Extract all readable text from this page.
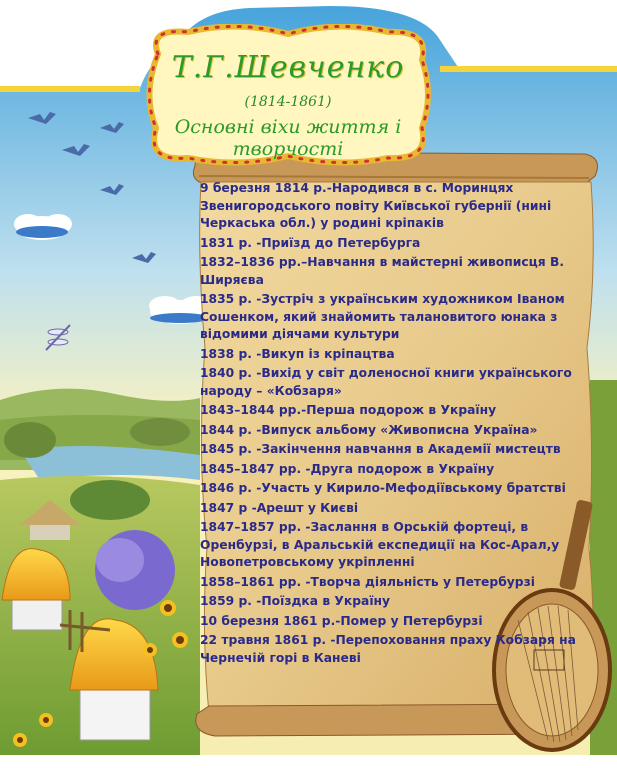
Т.Г.Шевченко
(1814-1861)
Основні віхи життя і творчості
9 березня 1814 р.-Народився в с. Моринцях Звенигородського повіту Київської губернії (нині Черкаська обл.) у родині кріпаків
1831 р. -Приїзд до Петербурга
1832–1836 рр.–Навчання в майстерні живописця В. Ширяєва
1835 р. -Зустріч з українським художником Іваном Сошенком, який знайомить талановитого юнака з відомими діячами культури
1838 р. -Викуп із кріпацтва
1840 р. -Вихід у світ доленосної книги українського народу – «Кобзаря»
1843–1844 рр.-Перша подорож в Україну
1844 р. -Випуск альбому «Живописна Україна»
1845 р. -Закінчення навчання в Академії мистецтв
1845–1847 рр. -Друга подорож в Україну
1846 р. -Участь у Кирило-Мефодіївському братстві
1847 р -Арешт у Києві
1847–1857 рр. -Заслання в Орській фортеці, в Оренбурзі, в Аральській експедиції на Кос-Арал,у Новопетровському укріпленні
1858–1861 рр. -Творча діяльність у Петербурзі
1859 р. -Поїздка в Україну
10 березня 1861 р.-Помер у Петербурзі
22 травня 1861 р. -Перепоховання праху Кобзаря на Чернечій горі в Каневі
